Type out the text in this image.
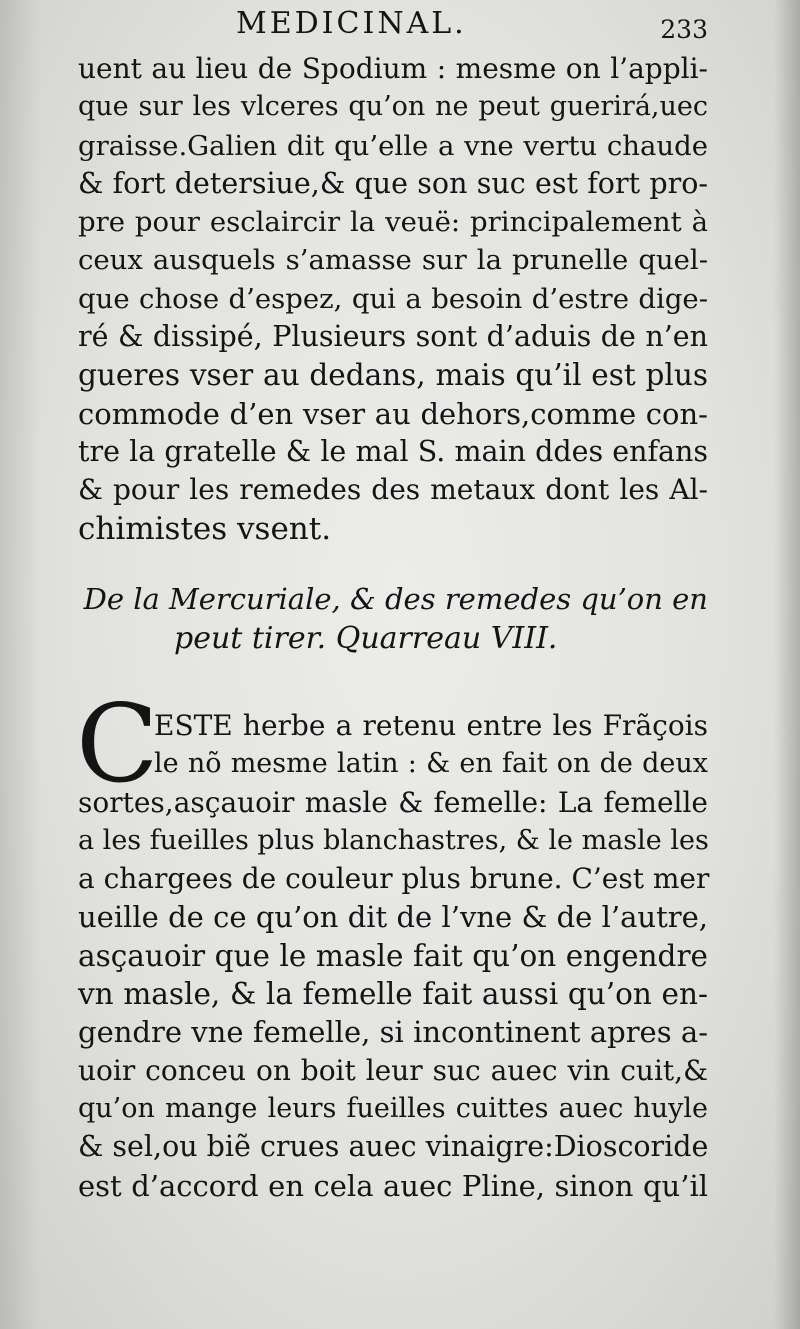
MEDICINAL.	233
uent au lieu de Spodium : mesme on l’appli-
que sur les vlceres qu’on ne peut guerirá,uec
graisse.Galien dit qu’elle a vne vertu chaude
& fort detersiue,& que son suc est fort pro-
pre pour esclaircir la veuë: principalement à
ceux ausquels s’amasse sur la prunelle quel-
que chose d’espez, qui a besoin d’estre dige-
ré & dissipé, Plusieurs sont d’aduis de n’en
gueres vser au dedans, mais qu’il est plus
commode d’en vser au dehors,comme con-
tre la gratelle & le mal S. main ddes enfans
& pour les remedes des metaux dont les Al-
chimistes vsent.
De la Mercuriale, & des remedes qu’on en
peut tirer. Quarreau VIII.
C
ESTE herbe a retenu entre les Frãçois
le nõ mesme latin : & en fait on de deux
sortes,asçauoir masle & femelle: La femelle
a les fueilles plus blanchastres, & le masle les
a chargees de couleur plus brune. C’est mer
ueille de ce qu’on dit de l’vne & de l’autre,
asçauoir que le masle fait qu’on engendre
vn masle, & la femelle fait aussi qu’on en-
gendre vne femelle, si incontinent apres a-
uoir conceu on boit leur suc auec vin cuit,&
qu’on mange leurs fueilles cuittes auec huyle
& sel,ou biẽ crues auec vinaigre:Dioscoride
est d’accord en cela auec Pline, sinon qu’il
